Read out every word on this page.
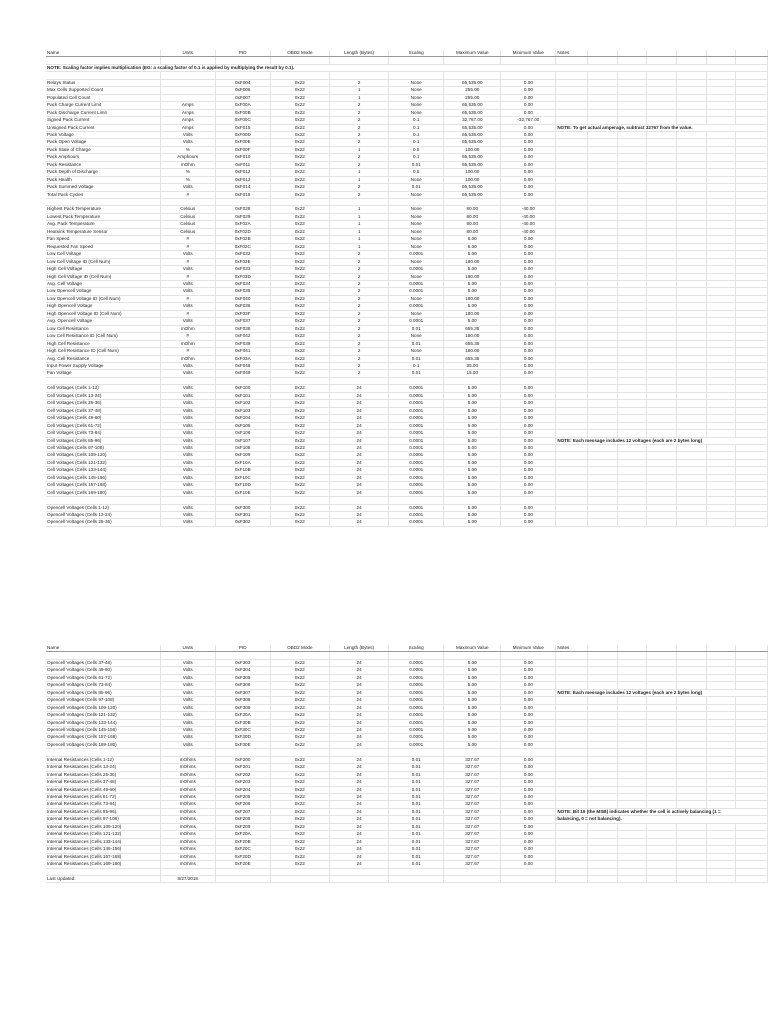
Name	Units	PID	OBD2 Mode	Length (Bytes)	Scaling	Maximum Value	Minimum Value	Notes						

NOTE: Scaling factor implies multiplication (EG: a scaling factor of 0.1 is applied by multiplying the result by 0.1).														

Relays Status		0xF004	0x22	2	None	65,535.00	0.00							
Max Cells Supported Count		0xF006	0x22	1	None	255.00	0.00							
Populated Cell Count		0xF007	0x22	1	None	255.00	0.00							
Pack Charge Current Limit	Amps	0xF00A	0x22	2	None	65,535.00	0.00							
Pack Discharge Current Limit	Amps	0xF00B	0x22	2	None	65,535.00	0.00							
Signed Pack Current	Amps	0xF00C	0x22	2	0.1	32,767.00	-32,767.00							
Unsigned Pack Current	Amps	0xF015	0x22	2	0.1	65,535.00	0.00	NOTE: To get actual amperage, subtract 32767 from the value.						
Pack Voltage	Volts	0xF00D	0x22	2	0.1	65,535.00	0.00							
Pack Open Voltage	Volts	0xF00E	0x22	2	0.1	65,535.00	0.00							
Pack State of Charge	%	0xF00F	0x22	1	0.5	100.00	0.00							
Pack Amphours	Amphours	0xF010	0x22	2	0.1	65,535.00	0.00							
Pack Resistance	mOhm	0xF011	0x22	2	0.01	65,535.00	0.00							
Pack Depth of Discharge	%	0xF012	0x22	1	0.5	100.00	0.00							
Pack Health	%	0xF013	0x22	1	None	100.00	0.00							
Pack Summed Voltage	Volts	0xF014	0x22	2	0.01	65,535.00	0.00							
Total Pack Cycles	#	0xF018	0x22	2	None	65,535.00	0.00							

Highest Pack Temperature	Celsius	0xF028	0x22	1	None	80.00	-40.00							
Lowest Pack Temperature	Celsius	0xF029	0x22	1	None	80.00	-40.00							
Avg. Pack Temperature	Celsius	0xF02A	0x22	1	None	80.00	-40.00							
Heatsink Temperature Sensor	Celsius	0xF02D	0x22	1	None	80.00	-40.00							
Fan Speed	#	0xF02B	0x22	1	None	6.00	0.00							
Requested Fan Speed	#	0xF02C	0x22	1	None	6.00	0.00							
Low Cell Voltage	Volts	0xF032	0x22	2	0.0001	5.00	0.00							
Low Cell Voltage ID (Cell Num)	#	0xF03E	0x22	2	None	180.00	0.00							
High Cell Voltage	Volts	0xF033	0x22	2	0.0001	5.00	0.00							
High Cell Voltage ID (Cell Num)	#	0xF03D	0x22	2	None	180.00	0.00							
Avg. Cell Voltage	Volts	0xF034	0x22	2	0.0001	5.00	0.00							
Low Opencell Voltage	Volts	0xF035	0x22	2	0.0001	5.00	0.00							
Low Opencell Voltage ID (Cell Num)	#	0xF040	0x22	2	None	180.00	0.00							
High Opencell Voltage	Volts	0xF036	0x22	2	0.0001	5.00	0.00							
High Opencell Voltage ID (Cell Num)	#	0xF03F	0x22	2	None	180.00	0.00							
Avg. Opencell Voltage	Volts	0xF037	0x22	2	0.0001	5.00	0.00							
Low Cell Resistance	mOhm	0xF038	0x22	2	0.01	655.35	0.00							
Low Cell Resistance ID (Cell Num)	#	0xF042	0x22	2	None	180.00	0.00							
High Cell Resistance	mOhm	0xF039	0x22	2	0.01	655.35	0.00							
High Cell Resistance ID (Cell Num)	#	0xF041	0x22	2	None	180.00	0.00							
Avg. Cell Resistance	mOhm	0xF03A	0x22	2	0.01	655.35	0.00							
Input Power Supply Voltage	Volts	0xF046	0x22	2	0.1	35.00	0.00							
Fan Voltage	Volts	0xF049	0x22	2	0.01	15.00	0.00							

Cell Voltages (Cells 1-12)	Volts	0xF100	0x22	24	0.0001	5.00	0.00							
Cell Voltages (Cells 13-24)	Volts	0xF101	0x22	24	0.0001	5.00	0.00							
Cell Voltages (Cells 25-36)	Volts	0xF102	0x22	24	0.0001	5.00	0.00							
Cell Voltages (Cells 37-48)	Volts	0xF103	0x22	24	0.0001	5.00	0.00							
Cell Voltages (Cells 49-60)	Volts	0xF104	0x22	24	0.0001	5.00	0.00							
Cell Voltages (Cells 61-72)	Volts	0xF105	0x22	24	0.0001	5.00	0.00							
Cell Voltages (Cells 73-84)	Volts	0xF106	0x22	24	0.0001	5.00	0.00							
Cell Voltages (Cells 85-96)	Volts	0xF107	0x22	24	0.0001	5.00	0.00	NOTE: Each message includes 12 voltages (each are 2 bytes long)						
Cell Voltages (Cells 97-108)	Volts	0xF108	0x22	24	0.0001	5.00	0.00							
Cell Voltages (Cells 109-120)	Volts	0xF109	0x22	24	0.0001	5.00	0.00							
Cell Voltages (Cells 121-132)	Volts	0xF10A	0x22	24	0.0001	5.00	0.00							
Cell Voltages (Cells 133-144)	Volts	0xF10B	0x22	24	0.0001	5.00	0.00							
Cell Voltages (Cells 145-156)	Volts	0xF10C	0x22	24	0.0001	5.00	0.00							
Cell Voltages (Cells 157-168)	Volts	0xF10D	0x22	24	0.0001	5.00	0.00							
Cell Voltages (Cells 169-180)	Volts	0xF10E	0x22	24	0.0001	5.00	0.00							

Opencell Voltages (Cells 1-12)	Volts	0xF300	0x22	24	0.0001	5.00	0.00							
Opencell Voltages (Cells 13-24)	Volts	0xF301	0x22	24	0.0001	5.00	0.00							
Opencell Voltages (Cells 25-36)	Volts	0xF302	0x22	24	0.0001	5.00	0.00							
Name	Units	PID	OBD2 Mode	Length (Bytes)	Scaling	Maximum Value	Minimum Value	Notes						

Opencell Voltages (Cells 37-48)	Volts	0xF303	0x22	24	0.0001	5.00	0.00							
Opencell Voltages (Cells 49-60)	Volts	0xF304	0x22	24	0.0001	5.00	0.00							
Opencell Voltages (Cells 61-72)	Volts	0xF305	0x22	24	0.0001	5.00	0.00							
Opencell Voltages (Cells 73-84)	Volts	0xF306	0x22	24	0.0001	5.00	0.00							
Opencell Voltages (Cells 85-96)	Volts	0xF307	0x22	24	0.0001	5.00	0.00	NOTE: Each message includes 12 voltages (each are 2 bytes long)						
Opencell Voltages (Cells 97-108)	Volts	0xF308	0x22	24	0.0001	5.00	0.00							
Opencell Voltages (Cells 109-120)	Volts	0xF309	0x22	24	0.0001	5.00	0.00							
Opencell Voltages (Cells 121-132)	Volts	0xF30A	0x22	24	0.0001	5.00	0.00							
Opencell Voltages (Cells 133-144)	Volts	0xF30B	0x22	24	0.0001	5.00	0.00							
Opencell Voltages (Cells 145-156)	Volts	0xF30C	0x22	24	0.0001	5.00	0.00							
Opencell Voltages (Cells 157-168)	Volts	0xF30D	0x22	24	0.0001	5.00	0.00							
Opencell Voltages (Cells 169-180)	Volts	0xF30E	0x22	24	0.0001	5.00	0.00							

Internal Resistances (Cells 1-12)	mOhms	0xF200	0x22	24	0.01	327.67	0.00							
Internal Resistances (Cells 13-24)	mOhms	0xF201	0x22	24	0.01	327.67	0.00							
Internal Resistances (Cells 25-36)	mOhms	0xF202	0x22	24	0.01	327.67	0.00							
Internal Resistances (Cells 37-48)	mOhms	0xF203	0x22	24	0.01	327.67	0.00							
Internal Resistances (Cells 49-60)	mOhms	0xF204	0x22	24	0.01	327.67	0.00							
Internal Resistances (Cells 61-72)	mOhms	0xF205	0x22	24	0.01	327.67	0.00							
Internal Resistances (Cells 73-84)	mOhms	0xF206	0x22	24	0.01	327.67	0.00							
Internal Resistances (Cells 85-96)	mOhms	0xF207	0x22	24	0.01	327.67	0.00	NOTE: Bit 16 (the MSB) indicates whether the cell is actively balancing (1 =						
Internal Resistances (Cells 97-108)	mOhms	0xF208	0x22	24	0.01	327.67	0.00	balancing, 0 = not balancing).						
Internal Resistances (Cells 109-120)	mOhms	0xF209	0x22	24	0.01	327.67	0.00							
Internal Resistances (Cells 121-132)	mOhms	0xF20A	0x22	24	0.01	327.67	0.00							
Internal Resistances (Cells 133-144)	mOhms	0xF20B	0x22	24	0.01	327.67	0.00							
Internal Resistances (Cells 145-156)	mOhms	0xF20C	0x22	24	0.01	327.67	0.00							
Internal Resistances (Cells 157-168)	mOhms	0xF20D	0x22	24	0.01	327.67	0.00							
Internal Resistances (Cells 169-180)	mOhms	0xF20E	0x22	24	0.01	327.67	0.00							

Last Updated:	8/27/2018													
